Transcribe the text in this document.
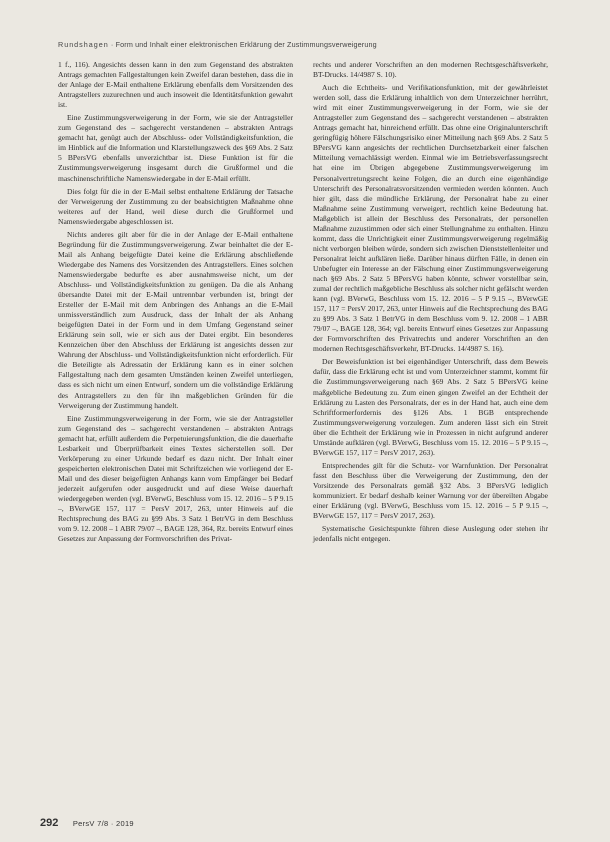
Rundshagen · Form und Inhalt einer elektronischen Erklärung der Zustimmungsverweigerung

1 f., 116). Angesichts dessen kann in den zum Gegenstand des abstrakten Antrags gemachten Fallgestaltungen kein Zweifel daran bestehen, dass die in der Anlage der E-Mail enthaltene Erklärung ebenfalls dem Vorsitzenden des Antragstellers zuzurechnen und auch insoweit die Identitätsfunktion gewahrt ist.

Eine Zustimmungsverweigerung in der Form, wie sie der Antragsteller zum Gegenstand des – sachgerecht verstandenen – abstrakten Antrags gemacht hat, genügt auch der Abschluss- oder Vollständigkeitsfunktion, die im Hinblick auf die Information und Klarstellungszweck des §69 Abs. 2 Satz 5 BPersVG ebenfalls unverzichtbar ist. Diese Funktion ist für die Zustimmungsverweigerung insgesamt durch die Grußformel und die maschinenschriftliche Namenswiedergabe in der E-Mail erfüllt.

Dies folgt für die in der E-Mail selbst enthaltene Erklärung der Tatsache der Verweigerung der Zustimmung zu der beabsichtigten Maßnahme ohne weiteres auf der Hand, weil diese durch die Grußformel und Namenswiedergabe abgeschlossen ist.

Nichts anderes gilt aber für die in der Anlage der E-Mail enthaltene Begründung für die Zustimmungsverweigerung. Zwar beinhaltet die der E-Mail als Anhang beigefügte Datei keine die Erklärung abschließende Wiedergabe des Namens des Vorsitzenden des Antragstellers. Eines solchen Namenswiedergabe bedurfte es aber ausnahmsweise nicht, um der Abschluss- und Vollständigkeitsfunktion zu genügen. Da die als Anhang übersandte Datei mit der E-Mail untrennbar verbunden ist, bringt der Ersteller der E-Mail mit dem Anbringen des Anhangs an die E-Mail unmissverständlich zum Ausdruck, dass der Inhalt der als Anhang beigefügten Datei in der Form und in dem Umfang Gegenstand seiner Erklärung sein soll, wie er sich aus der Datei ergibt. Ein besonderes Kennzeichen über den Abschluss der Erklärung ist angesichts dessen zur Wahrung der Abschluss- und Vollständigkeitsfunktion nicht erforderlich. Für die Beteiligte als Adressatin der Erklärung kann es in einer solchen Fallgestaltung nach dem gesamten Umständen keinen Zweifel unterliegen, dass es sich nicht um einen Entwurf, sondern um die vollständige Erklärung des Antragstellers zu den für ihn maßgeblichen Gründen für die Verweigerung der Zustimmung handelt.

Eine Zustimmungsverweigerung in der Form, wie sie der Antragsteller zum Gegenstand des – sachgerecht verstandenen – abstrakten Antrags gemacht hat, erfüllt außerdem die Perpetuierungsfunktion, die die dauerhafte Lesbarkeit und Überprüfbarkeit eines Textes sicherstellen soll. Der Verkörperung zu einer Urkunde bedarf es dazu nicht. Der Inhalt einer gespeicherten elektronischen Datei mit Schriftzeichen wie vorliegend der E-Mail und des dieser beigefügten Anhangs kann vom Empfänger bei Bedarf jederzeit aufgerufen oder ausgedruckt und auf diese Weise dauerhaft wiedergegeben werden (vgl. BVerwG, Beschluss vom 15. 12. 2016 – 5 P 9.15 –, BVerwGE 157, 117 = PersV 2017, 263, unter Hinweis auf die Rechtsprechung des BAG zu §99 Abs. 3 Satz 1 BetrVG in dem Beschluss vom 9. 12. 2008 – 1 ABR 79/07 –, BAGE 128, 364, Rz. bereits Entwurf eines Gesetzes zur Anpassung der Formvorschriften des Privat-

rechts und anderer Vorschriften an den modernen Rechtsgeschäftsverkehr, BT-Drucks. 14/4987 S. 10).

Auch die Echtheits- und Verifikationsfunktion, mit der gewährleistet werden soll, dass die Erklärung inhaltlich von dem Unterzeichner herrührt, wird mit einer Zustimmungsverweigerung in der Form, wie sie der Antragsteller zum Gegenstand des – sachgerecht verstandenen – abstrakten Antrags gemacht hat, hinreichend erfüllt. Das ohne eine Originalunterschrift geringfügig höhere Fälschungsrisiko einer Mitteilung nach §69 Abs. 2 Satz 5 BPersVG kann angesichts der rechtlichen Durchsetzbarkeit einer falschen Mitteilung vernachlässigt werden. Einmal wie im Betriebsverfassungsrecht hat eine im Übrigen abgegebene Zustimmungsverweigerung im Personalvertretungsrecht keine Folgen, die an durch eine eigenhändige Unterschrift des Personalratsvorsitzenden vermieden werden könnten. Auch hier gilt, dass die mündliche Erklärung, der Personalrat habe zu einer Maßnahme seine Zustimmung verweigert, rechtlich keine Bedeutung hat. Maßgeblich ist allein der Beschluss des Personalrats, der personellen Maßnahme zuzustimmen oder sich einer Stellungnahme zu enthalten. Hinzu kommt, dass die Unrichtigkeit einer Zustimmungsverweigerung regelmäßig nicht verborgen bleiben würde, sondern sich zwischen Dienststellenleiter und Personalrat leicht aufklären ließe. Darüber hinaus dürften Fälle, in denen ein Unbefugter ein Interesse an der Fälschung einer Zustimmungsverweigerung nach §69 Abs. 2 Satz 5 BPersVG haben könnte, schwer vorstellbar sein, zumal der rechtlich maßgebliche Beschluss als solcher nicht gefälscht werden kann (vgl. BVerwG, Beschluss vom 15. 12. 2016 – 5 P 9.15 –, BVerwGE 157, 117 = PersV 2017, 263, unter Hinweis auf die Rechtsprechung des BAG zu §99 Abs. 3 Satz 1 BetrVG in dem Beschluss vom 9. 12. 2008 – 1 ABR 79/07 –, BAGE 128, 364; vgl. bereits Entwurf eines Gesetzes zur Anpassung der Formvorschriften des Privatrechts und anderer Vorschriften an den modernen Rechtsgeschäftsverkehr, BT-Drucks. 14/4987 S. 16).

Der Beweisfunktion ist bei eigenhändiger Unterschrift, dass dem Beweis dafür, dass die Erklärung echt ist und vom Unterzeichner stammt, kommt für die Zustimmungsverweigerung nach §69 Abs. 2 Satz 5 BPersVG keine maßgebliche Bedeutung zu. Zum einen gingen Zweifel an der Echtheit der Erklärung zu Lasten des Personalrats, der es in der Hand hat, auch eine dem Schriftformerfordernis des §126 Abs. 1 BGB entsprechende Zustimmungsverweigerung vorzulegen. Zum anderen lässt sich ein Streit über die Echtheit der Erklärung wie in Prozessen in nicht aufgrund anderer Umstände aufklären (vgl. BVerwG, Beschluss vom 15. 12. 2016 – 5 P 9.15 –, BVerwGE 157, 117 = PersV 2017, 263).

Entsprechendes gilt für die Schutz- vor Warnfunktion. Der Personalrat fasst den Beschluss über die Verweigerung der Zustimmung, den der Vorsitzende des Personalrats gemäß §32 Abs. 3 BPersVG lediglich kommuniziert. Er bedarf deshalb keiner Warnung vor der übereilten Abgabe einer Erklärung (vgl. BVerwG, Beschluss vom 15. 12. 2016 – 5 P 9.15 –, BVerwGE 157, 117 = PersV 2017, 263).

Systematische Gesichtspunkte führen diese Auslegung oder stehen ihr jedenfalls nicht entgegen.

292 PersV 7/8 · 2019
